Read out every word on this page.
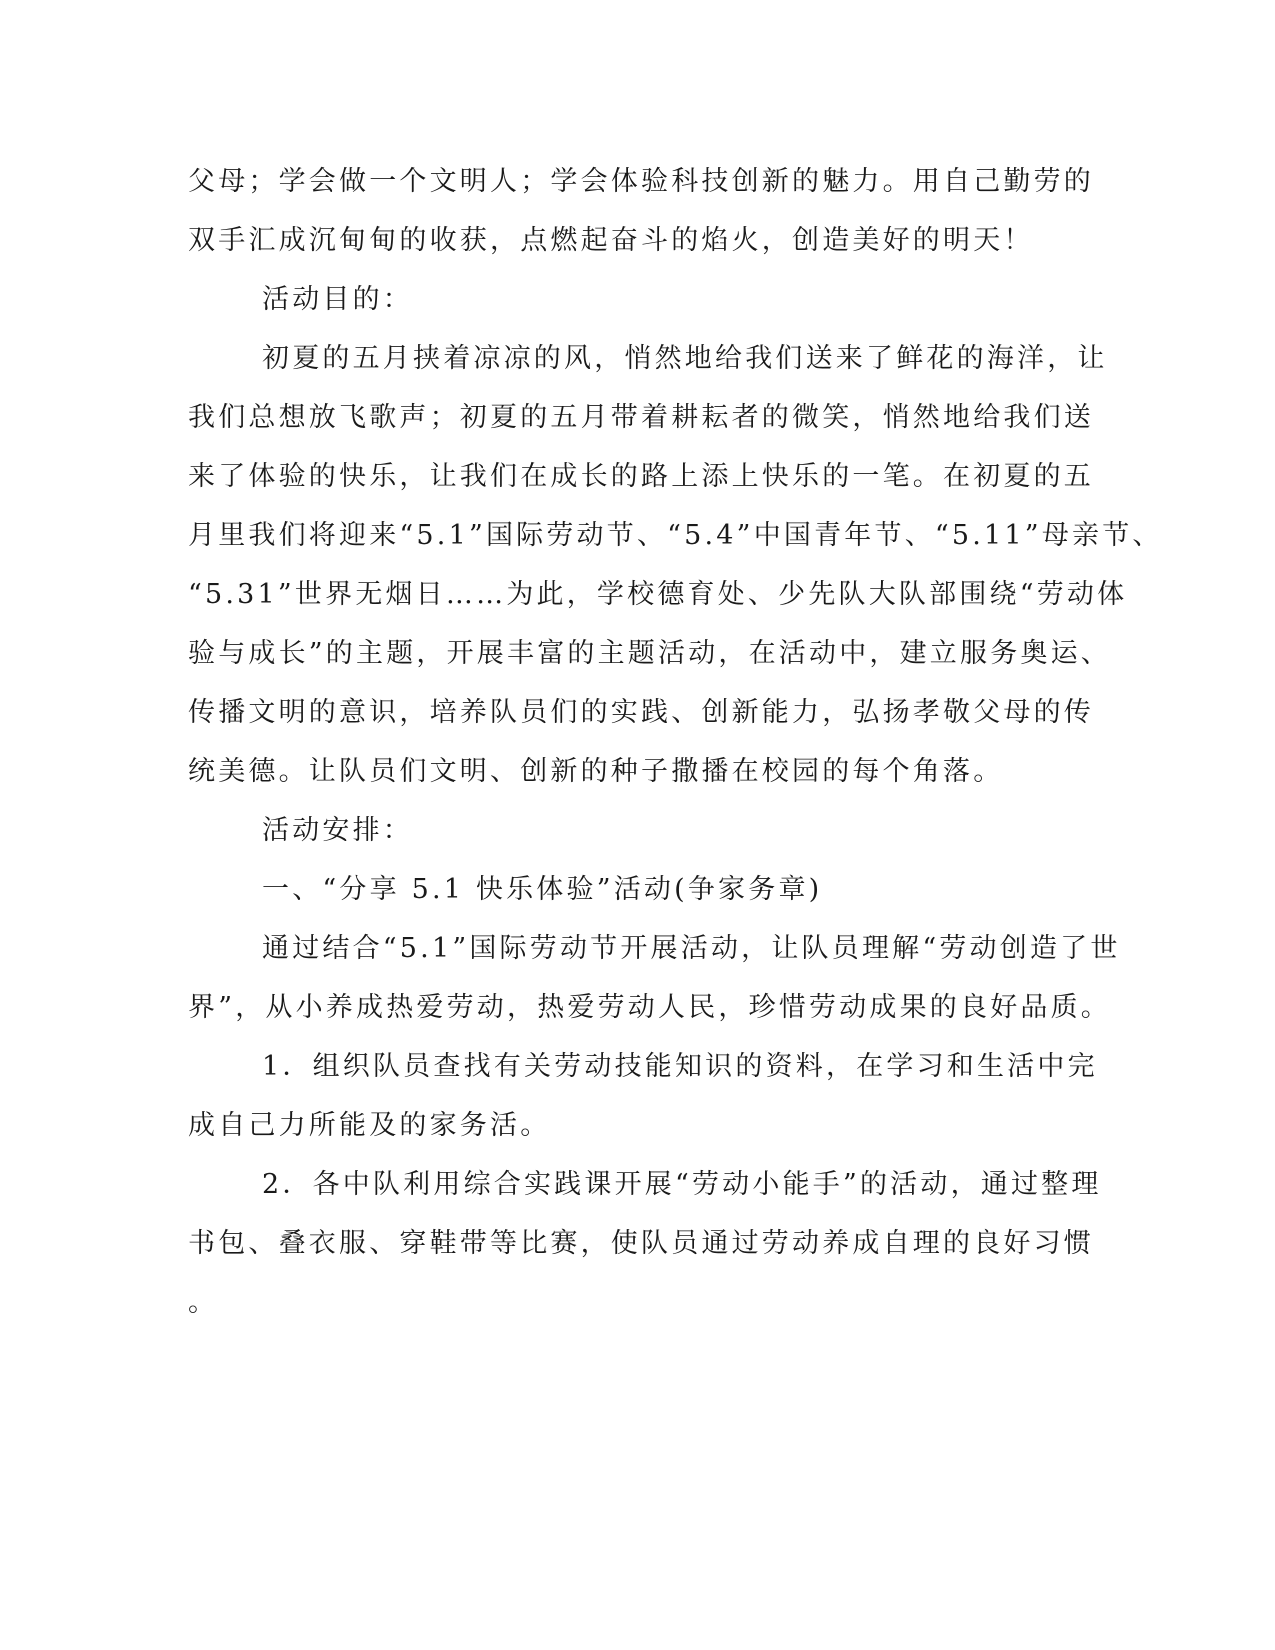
父母；学会做一个文明人；学会体验科技创新的魅力。用自己勤劳的

双手汇成沉甸甸的收获，点燃起奋斗的焰火，创造美好的明天！

活动目的：

初夏的五月挟着凉凉的风，悄然地给我们送来了鲜花的海洋，让

我们总想放飞歌声；初夏的五月带着耕耘者的微笑，悄然地给我们送

来了体验的快乐，让我们在成长的路上添上快乐的一笔。在初夏的五

月里我们将迎来“5.1”国际劳动节、“5.4”中国青年节、“5.11”母亲节、

“5.31”世界无烟日……为此，学校德育处、少先队大队部围绕“劳动体

验与成长”的主题，开展丰富的主题活动，在活动中，建立服务奥运、

传播文明的意识，培养队员们的实践、创新能力，弘扬孝敬父母的传

统美德。让队员们文明、创新的种子撒播在校园的每个角落。

活动安排：

一、“分享 5.1 快乐体验”活动(争家务章)

通过结合“5.1”国际劳动节开展活动，让队员理解“劳动创造了世

界”，从小养成热爱劳动，热爱劳动人民，珍惜劳动成果的良好品质。

1．组织队员查找有关劳动技能知识的资料，在学习和生活中完

成自己力所能及的家务活。

2．各中队利用综合实践课开展“劳动小能手”的活动，通过整理

书包、叠衣服、穿鞋带等比赛，使队员通过劳动养成自理的良好习惯

。
